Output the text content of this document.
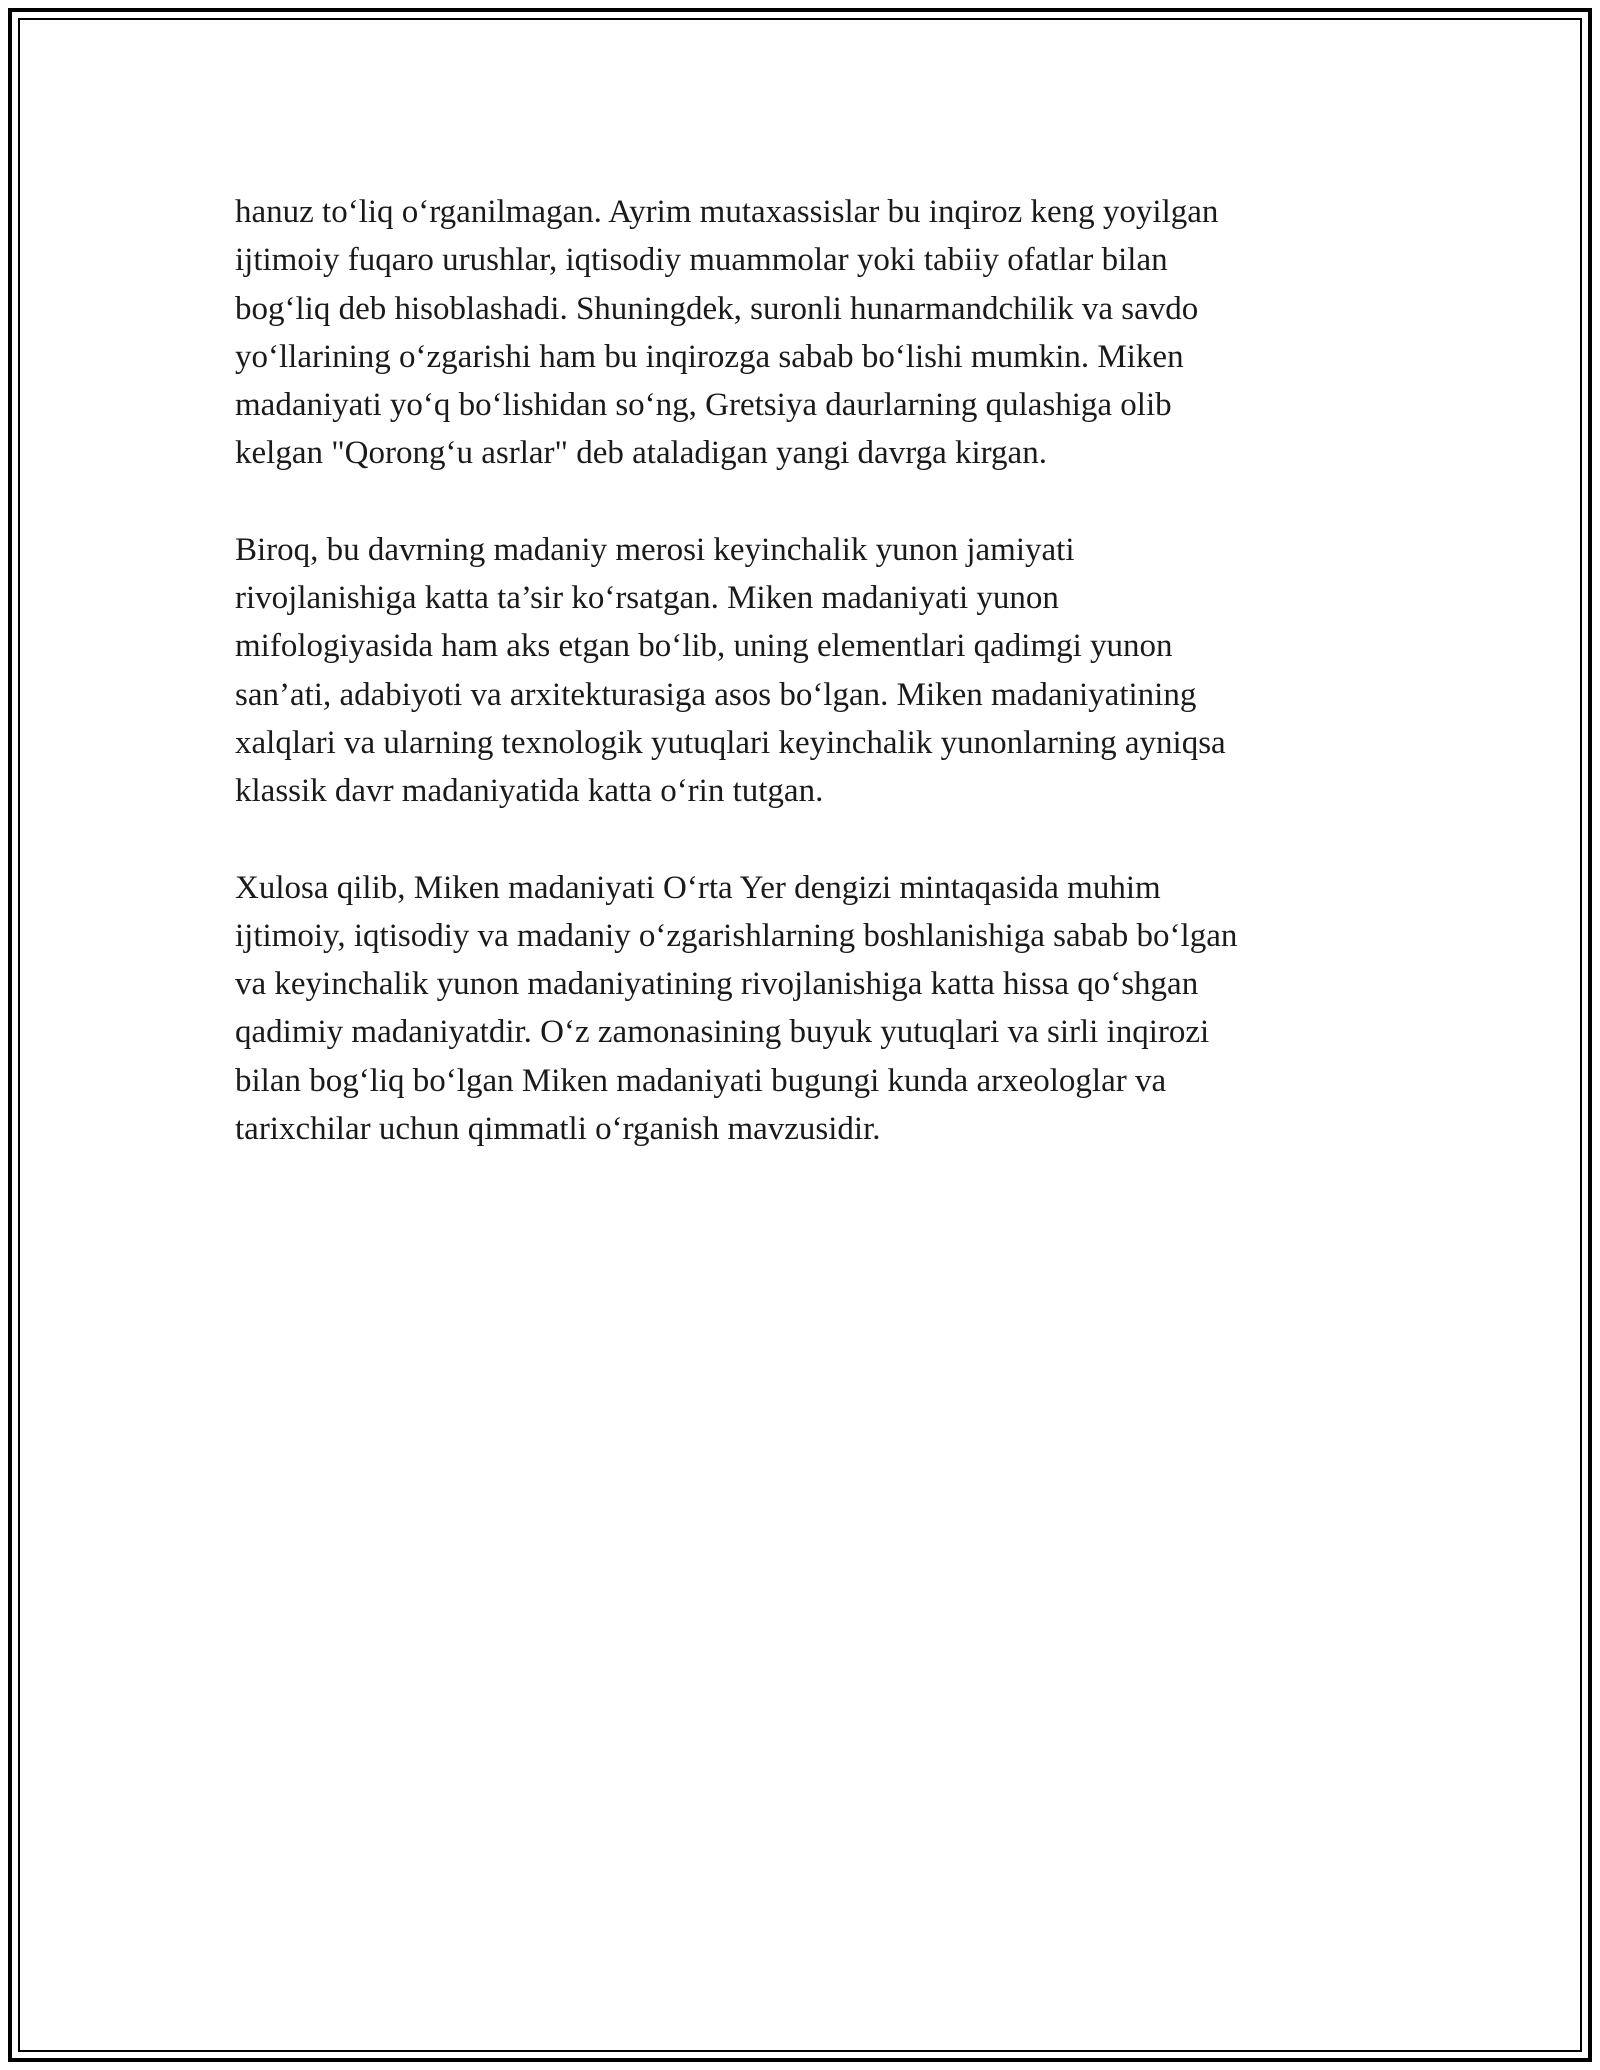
hanuz to‘liq o‘rganilmagan. Ayrim mutaxassislar bu inqiroz keng yoyilgan
ijtimoiy fuqaro urushlar, iqtisodiy muammolar yoki tabiiy ofatlar bilan
bog‘liq deb hisoblashadi. Shuningdek, suronli hunarmandchilik va savdo
yo‘llarining o‘zgarishi ham bu inqirozga sabab bo‘lishi mumkin. Miken
madaniyati yo‘q bo‘lishidan so‘ng, Gretsiya daurlarning qulashiga olib
kelgan "Qorong‘u asrlar" deb ataladigan yangi davrga kirgan.

Biroq, bu davrning madaniy merosi keyinchalik yunon jamiyati
rivojlanishiga katta ta’sir ko‘rsatgan. Miken madaniyati yunon
mifologiyasida ham aks etgan bo‘lib, uning elementlari qadimgi yunon
san’ati, adabiyoti va arxitekturasiga asos bo‘lgan. Miken madaniyatining
xalqlari va ularning texnologik yutuqlari keyinchalik yunonlarning ayniqsa
klassik davr madaniyatida katta o‘rin tutgan.

Xulosa qilib, Miken madaniyati O‘rta Yer dengizi mintaqasida muhim
ijtimoiy, iqtisodiy va madaniy o‘zgarishlarning boshlanishiga sabab bo‘lgan
va keyinchalik yunon madaniyatining rivojlanishiga katta hissa qo‘shgan
qadimiy madaniyatdir. O‘z zamonasining buyuk yutuqlari va sirli inqirozi
bilan bog‘liq bo‘lgan Miken madaniyati bugungi kunda arxeologlar va
tarixchilar uchun qimmatli o‘rganish mavzusidir.
